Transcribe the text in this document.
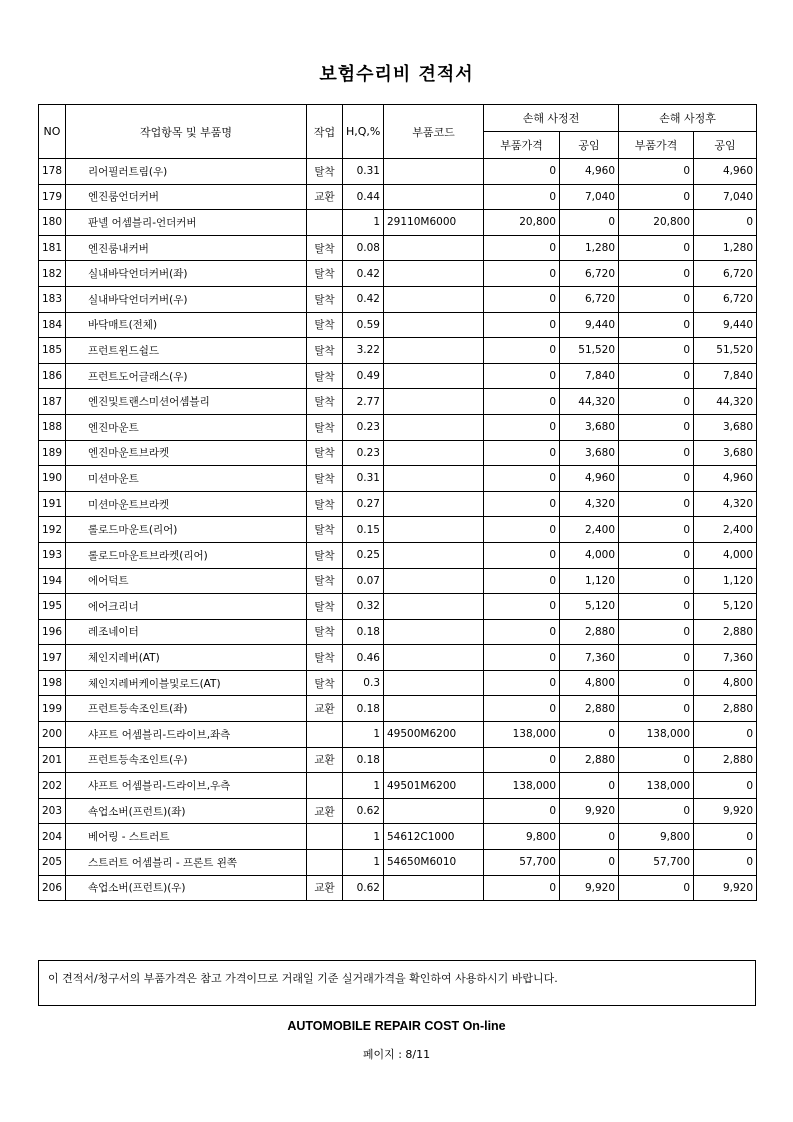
보험수리비 견적서
NO	작업항목 및 부품명	작업	H,Q,%	부품코드	손해 사정전		손해 사정후	
					부품가격	공임	부품가격	공임
178	리어필러트림(우)	탈착	0.31		0	4,960	0	4,960
179	엔진룸언더커버	교환	0.44		0	7,040	0	7,040
180	판넬 어셈블리-언더커버		1	29110M6000	20,800	0	20,800	0
181	엔진룸내커버	탈착	0.08		0	1,280	0	1,280
182	실내바닥언더커버(좌)	탈착	0.42		0	6,720	0	6,720
183	실내바닥언더커버(우)	탈착	0.42		0	6,720	0	6,720
184	바닥매트(전체)	탈착	0.59		0	9,440	0	9,440
185	프런트윈드쉴드	탈착	3.22		0	51,520	0	51,520
186	프런트도어글래스(우)	탈착	0.49		0	7,840	0	7,840
187	엔진및트랜스미션어셈블리	탈착	2.77		0	44,320	0	44,320
188	엔진마운트	탈착	0.23		0	3,680	0	3,680
189	엔진마운트브라켓	탈착	0.23		0	3,680	0	3,680
190	미션마운트	탈착	0.31		0	4,960	0	4,960
191	미션마운트브라켓	탈착	0.27		0	4,320	0	4,320
192	롤로드마운트(리어)	탈착	0.15		0	2,400	0	2,400
193	롤로드마운트브라켓(리어)	탈착	0.25		0	4,000	0	4,000
194	에어덕트	탈착	0.07		0	1,120	0	1,120
195	에어크리너	탈착	0.32		0	5,120	0	5,120
196	레조네이터	탈착	0.18		0	2,880	0	2,880
197	체인지레버(AT)	탈착	0.46		0	7,360	0	7,360
198	체인지레버케이블및로드(AT)	탈착	0.3		0	4,800	0	4,800
199	프런트등속조인트(좌)	교환	0.18		0	2,880	0	2,880
200	샤프트 어셈블리-드라이브,좌측		1	49500M6200	138,000	0	138,000	0
201	프런트등속조인트(우)	교환	0.18		0	2,880	0	2,880
202	샤프트 어셈블리-드라이브,우측		1	49501M6200	138,000	0	138,000	0
203	쇽업소버(프런트)(좌)	교환	0.62		0	9,920	0	9,920
204	베어링 - 스트러트		1	54612C1000	9,800	0	9,800	0
205	스트러트 어셈블리 - 프론트 왼쪽		1	54650M6010	57,700	0	57,700	0
206	쇽업소버(프런트)(우)	교환	0.62		0	9,920	0	9,920
이 견적서/청구서의 부품가격은 참고 가격이므로 거래일 기준 실거래가격을 확인하여 사용하시기 바랍니다.
AUTOMOBILE REPAIR COST On-line
페이지 : 8/11
